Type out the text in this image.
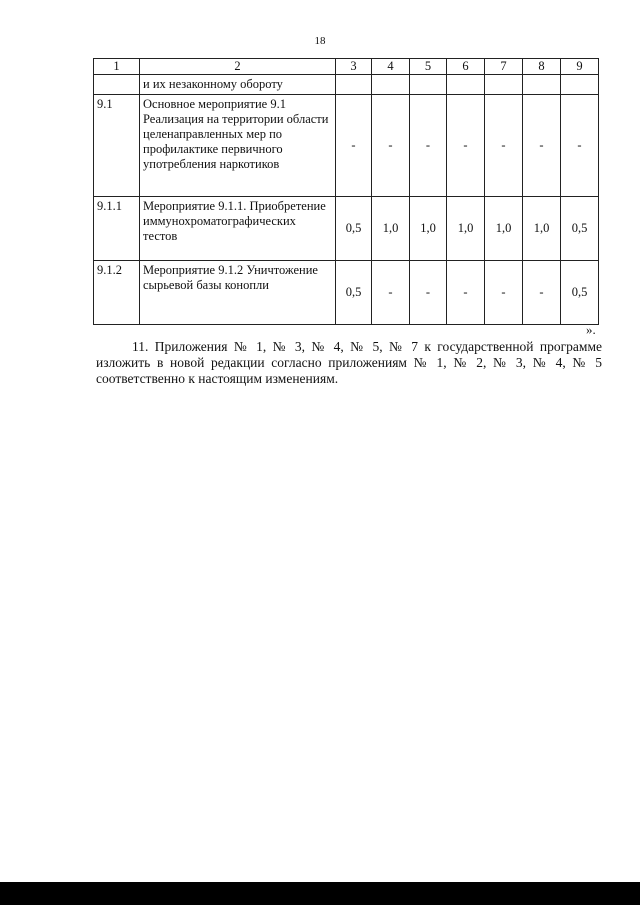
18
1	2	3	4	5	6	7	8	9
	и их незаконному обороту							
9.1	Основное мероприятие 9.1 Реализация на территории области целенаправленных мер по профилактике первичного употребления наркотиков	-	-	-	-	-	-	-
9.1.1	Мероприятие 9.1.1. Приобретение иммунохроматографических тестов	0,5	1,0	1,0	1,0	1,0	1,0	0,5
9.1.2	Мероприятие 9.1.2 Уничтожение сырьевой базы конопли	0,5	-	-	-	-	-	0,5
».
11. Приложения № 1, № 3, № 4, № 5, № 7 к государственной программе изложить в новой редакции согласно приложениям № 1, № 2, № 3, № 4, № 5 соответственно к настоящим изменениям.
